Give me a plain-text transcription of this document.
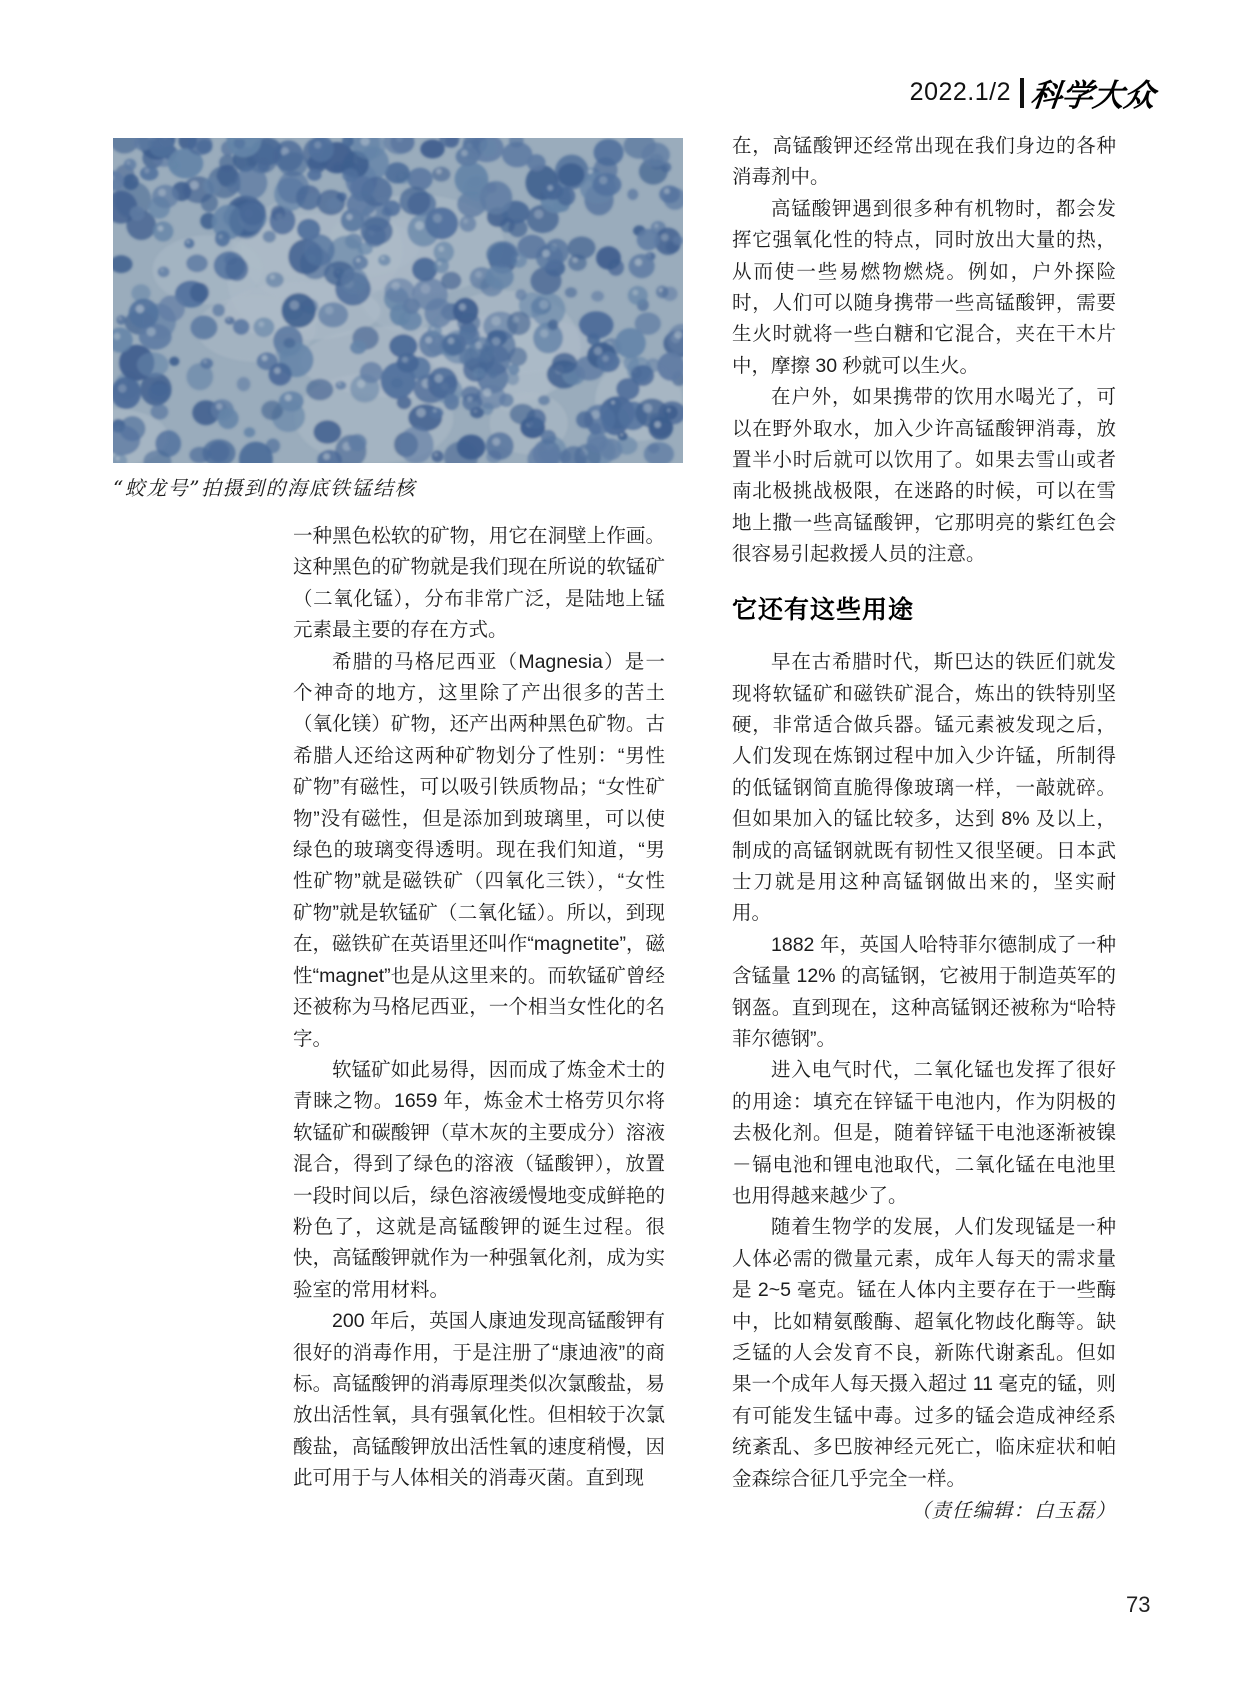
2022.1/2 科学大众
“蛟龙号”拍摄到的海底铁锰结核

一种黑色松软的矿物，用它在洞壁上作画。这种黑色的矿物就是我们现在所说的软锰矿（二氧化锰），分布非常广泛，是陆地上锰元素最主要的存在方式。

希腊的马格尼西亚（Magnesia）是一个神奇的地方，这里除了产出很多的苦土（氧化镁）矿物，还产出两种黑色矿物。古希腊人还给这两种矿物划分了性别：“男性矿物”有磁性，可以吸引铁质物品；“女性矿物”没有磁性，但是添加到玻璃里，可以使绿色的玻璃变得透明。现在我们知道，“男性矿物”就是磁铁矿（四氧化三铁），“女性矿物”就是软锰矿（二氧化锰）。所以，到现在，磁铁矿在英语里还叫作“magnetite”，磁性“magnet”也是从这里来的。而软锰矿曾经还被称为马格尼西亚，一个相当女性化的名字。

软锰矿如此易得，因而成了炼金术士的青睐之物。1659 年，炼金术士格劳贝尔将软锰矿和碳酸钾（草木灰的主要成分）溶液混合，得到了绿色的溶液（锰酸钾），放置一段时间以后，绿色溶液缓慢地变成鲜艳的粉色了，这就是高锰酸钾的诞生过程。很快，高锰酸钾就作为一种强氧化剂，成为实验室的常用材料。

200 年后，英国人康迪发现高锰酸钾有很好的消毒作用，于是注册了“康迪液”的商标。高锰酸钾的消毒原理类似次氯酸盐，易放出活性氧，具有强氧化性。但相较于次氯酸盐，高锰酸钾放出活性氧的速度稍慢，因此可用于与人体相关的消毒灭菌。直到现

在，高锰酸钾还经常出现在我们身边的各种消毒剂中。

高锰酸钾遇到很多种有机物时，都会发挥它强氧化性的特点，同时放出大量的热，从而使一些易燃物燃烧。例如，户外探险时，人们可以随身携带一些高锰酸钾，需要生火时就将一些白糖和它混合，夹在干木片中，摩擦 30 秒就可以生火。

在户外，如果携带的饮用水喝光了，可以在野外取水，加入少许高锰酸钾消毒，放置半小时后就可以饮用了。如果去雪山或者南北极挑战极限，在迷路的时候，可以在雪地上撒一些高锰酸钾，它那明亮的紫红色会很容易引起救援人员的注意。

它还有这些用途

早在古希腊时代，斯巴达的铁匠们就发现将软锰矿和磁铁矿混合，炼出的铁特别坚硬，非常适合做兵器。锰元素被发现之后，人们发现在炼钢过程中加入少许锰，所制得的低锰钢简直脆得像玻璃一样，一敲就碎。但如果加入的锰比较多，达到 8% 及以上，制成的高锰钢就既有韧性又很坚硬。日本武士刀就是用这种高锰钢做出来的，坚实耐用。

1882 年，英国人哈特菲尔德制成了一种含锰量 12% 的高锰钢，它被用于制造英军的钢盔。直到现在，这种高锰钢还被称为“哈特菲尔德钢”。

进入电气时代，二氧化锰也发挥了很好的用途：填充在锌锰干电池内，作为阴极的去极化剂。但是，随着锌锰干电池逐渐被镍－镉电池和锂电池取代，二氧化锰在电池里也用得越来越少了。

随着生物学的发展，人们发现锰是一种人体必需的微量元素，成年人每天的需求量是 2~5 毫克。锰在人体内主要存在于一些酶中，比如精氨酸酶、超氧化物歧化酶等。缺乏锰的人会发育不良，新陈代谢紊乱。但如果一个成年人每天摄入超过 11 毫克的锰，则有可能发生锰中毒。过多的锰会造成神经系统紊乱、多巴胺神经元死亡，临床症状和帕金森综合征几乎完全一样。

（责任编辑：白玉磊）

73
